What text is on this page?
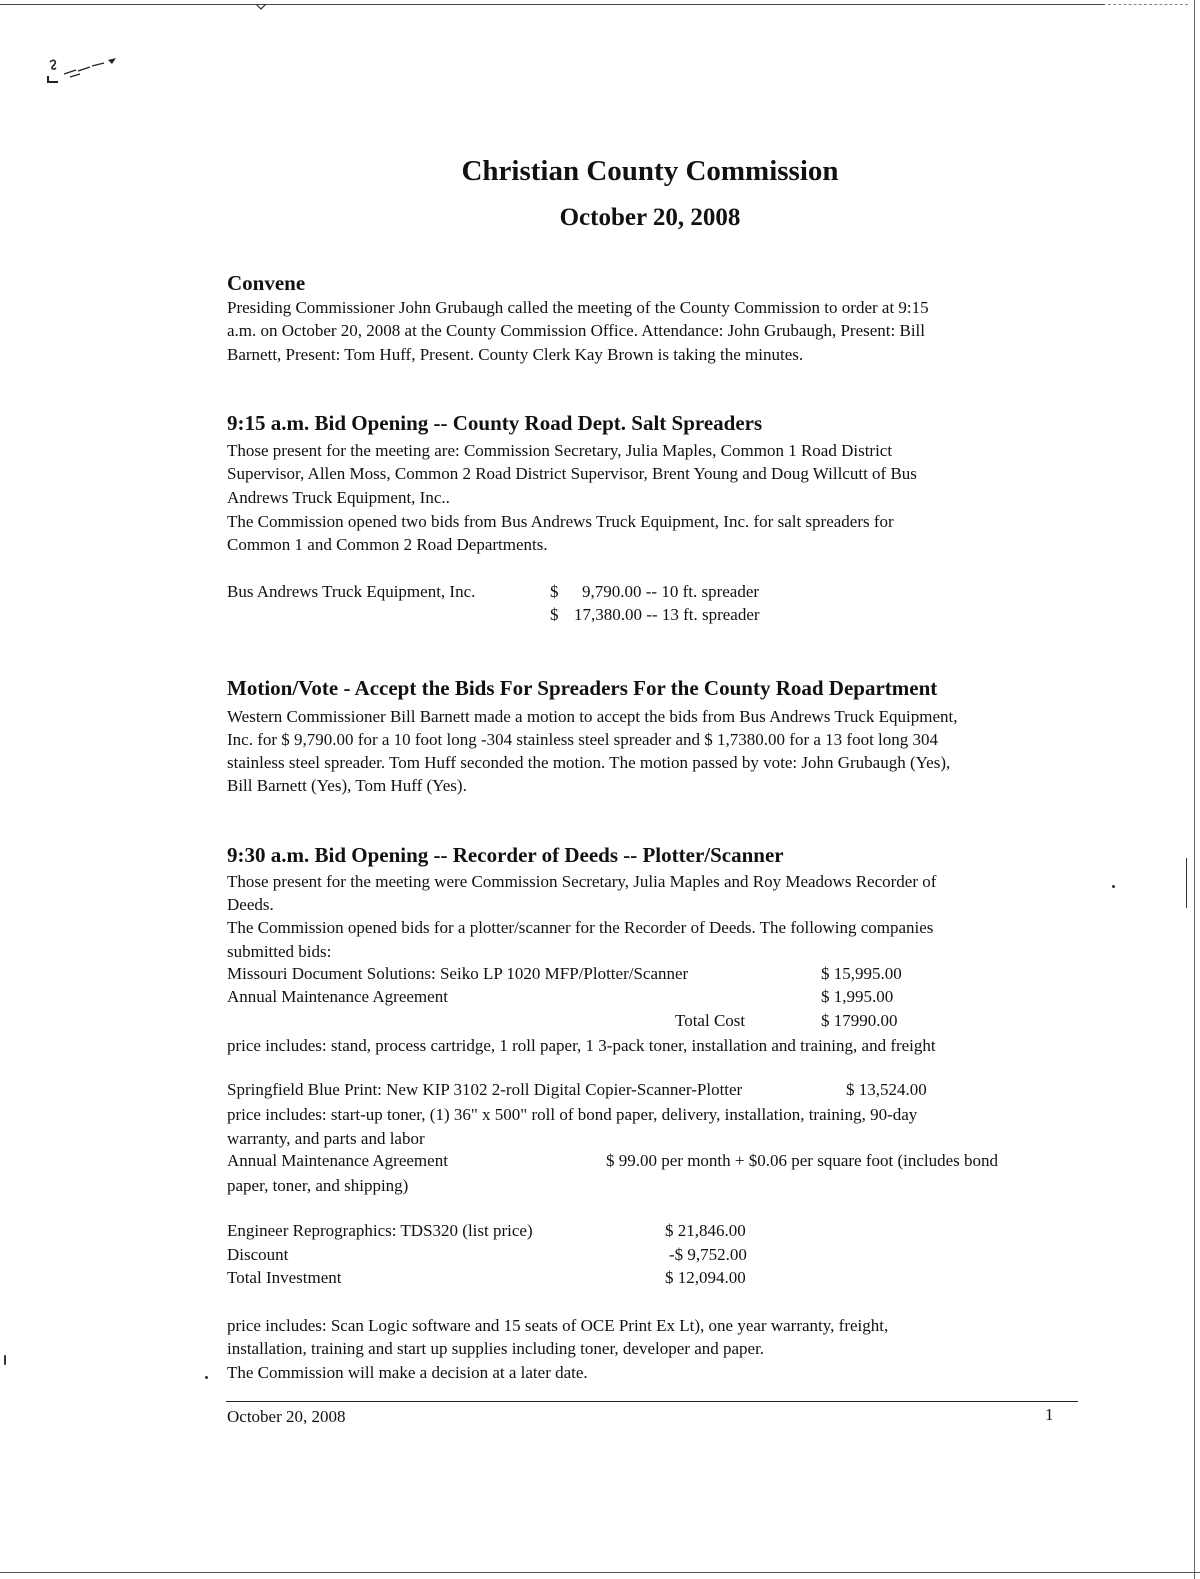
Christian County Commission
October 20, 2008
Convene
Presiding Commissioner John Grubaugh called the meeting of the County Commission to order at 9:15
a.m. on October 20, 2008 at the County Commission Office. Attendance: John Grubaugh, Present: Bill
Barnett, Present: Tom Huff, Present. County Clerk Kay Brown is taking the minutes.
9:15 a.m. Bid Opening -- County Road Dept. Salt Spreaders
Those present for the meeting are: Commission Secretary, Julia Maples, Common 1 Road District
Supervisor, Allen Moss, Common 2 Road District Supervisor, Brent Young and Doug Willcutt of Bus
Andrews Truck Equipment, Inc..
The Commission opened two bids from Bus Andrews Truck Equipment, Inc. for salt spreaders for
Common 1 and Common 2 Road Departments.
Bus Andrews Truck Equipment, Inc.	$ 9,790.00 -- 10 ft. spreader
$ 17,380.00 -- 13 ft. spreader
Motion/Vote - Accept the Bids For Spreaders For the County Road Department
Western Commissioner Bill Barnett made a motion to accept the bids from Bus Andrews Truck Equipment,
Inc. for $ 9,790.00 for a 10 foot long -304 stainless steel spreader and $ 1,7380.00 for a 13 foot long 304
stainless steel spreader. Tom Huff seconded the motion. The motion passed by vote: John Grubaugh (Yes),
Bill Barnett (Yes), Tom Huff (Yes).
9:30 a.m. Bid Opening -- Recorder of Deeds -- Plotter/Scanner
Those present for the meeting were Commission Secretary, Julia Maples and Roy Meadows Recorder of
Deeds.
The Commission opened bids for a plotter/scanner for the Recorder of Deeds. The following companies
submitted bids:
Missouri Document Solutions: Seiko LP 1020 MFP/Plotter/Scanner	$ 15,995.00
Annual Maintenance Agreement	$ 1,995.00
Total Cost	$ 17990.00
price includes: stand, process cartridge, 1 roll paper, 1 3-pack toner, installation and training, and freight
Springfield Blue Print: New KIP 3102 2-roll Digital Copier-Scanner-Plotter	$ 13,524.00
price includes: start-up toner, (1) 36" x 500" roll of bond paper, delivery, installation, training, 90-day
warranty, and parts and labor
Annual Maintenance Agreement	$ 99.00 per month + $0.06 per square foot (includes bond
paper, toner, and shipping)
Engineer Reprographics: TDS320 (list price)	$ 21,846.00
Discount	-$ 9,752.00
Total Investment	$ 12,094.00
price includes: Scan Logic software and 15 seats of OCE Print Ex Lt), one year warranty, freight,
installation, training and start up supplies including toner, developer and paper.
The Commission will make a decision at a later date.
October 20, 2008	1
